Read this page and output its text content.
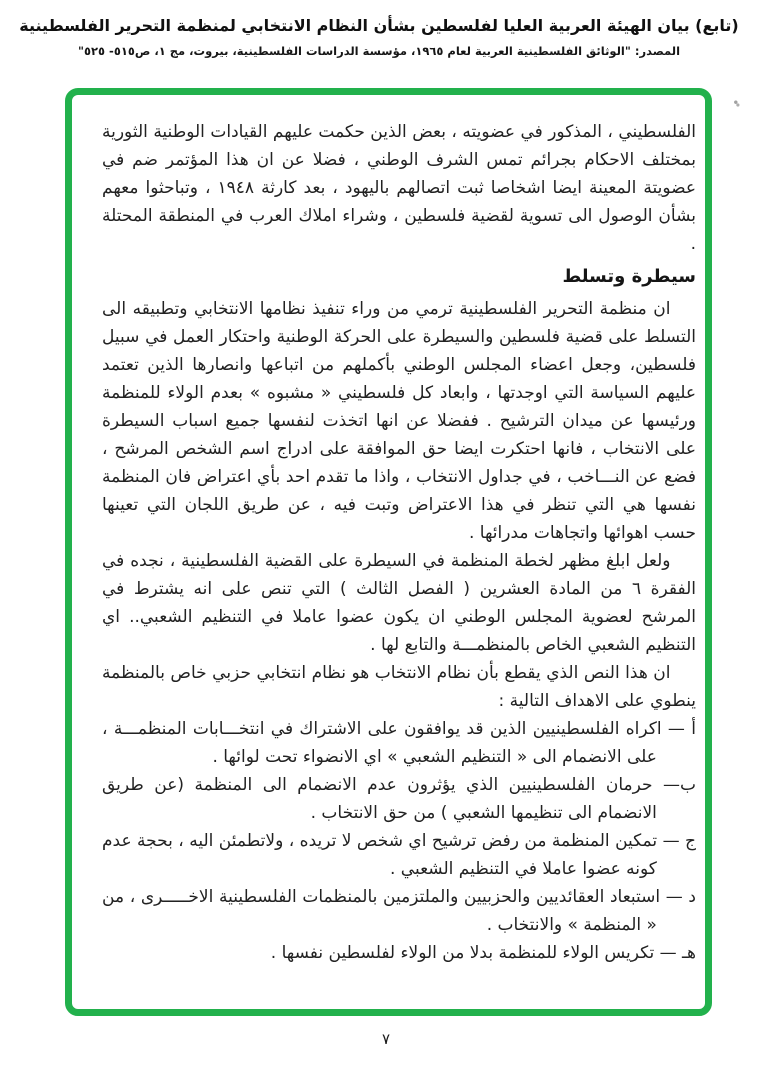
(تابع) بيان الهيئة العربية العليا لفلسطين بشأن النظام الانتخابي لمنظمة التحرير الفلسطينية

المصدر: "الوثائق الفلسطينية العربية لعام ١٩٦٥، مؤسسة الدراسات الفلسطينية، بيروت، مج ١، ص٥١٥- ٥٢٥"

الفلسطيني ، المذكور في عضويته ، بعض الذين حكمت عليهم القيادات الوطنية الثورية بمختلف الاحكام بجرائم تمس الشرف الوطني ، فضلا عن ان هذا المؤتمر ضم في عضويتة المعينة ايضا اشخاصا ثبت اتصالهم باليهود ، بعد كارثة ١٩٤٨ ، وتباحثوا معهم بشأن الوصول الى تسوية لقضية فلسطين ، وشراء املاك العرب في المنطقة المحتلة .

سيطرة وتسلط

ان منظمة التحرير الفلسطينية ترمي من وراء تنفيذ نظامها الانتخابي وتطبيقه الى التسلط على قضية فلسطين والسيطرة على الحركة الوطنية واحتكار العمل في سبيل فلسطين، وجعل اعضاء المجلس الوطني بأكملهم من اتباعها وانصارها الذين تعتمد عليهم السياسة التي اوجدتها ، وابعاد كل فلسطيني « مشبوه » بعدم الولاء للمنظمة ورئيسها عن ميدان الترشيح . ففضلا عن انها اتخذت لنفسها جميع اسباب السيطرة على الانتخاب ، فانها احتكرت ايضا حق الموافقة على ادراج اسم الشخص المرشح ، فضع عن النـــاخب ، في جداول الانتخاب ، واذا ما تقدم احد بأي اعتراض فان المنظمة نفسها هي التي تنظر في هذا الاعتراض وتبت فيه ، عن طريق اللجان التي تعينها حسب اهوائها واتجاهات مدرائها .

ولعل ابلغ مظهر لخطة المنظمة في السيطرة على القضية الفلسطينية ، نجده في الفقرة ٦ من المادة العشرين ( الفصل الثالث ) التي تنص على انه يشترط في المرشح لعضوية المجلس الوطني ان يكون عضوا عاملا في التنظيم الشعبي.. اي التنظيم الشعبي الخاص بالمنظمـــة والتابع لها .

ان هذا النص الذي يقطع بأن نظام الانتخاب هو نظام انتخابي حزبي خاص بالمنظمة ينطوي على الاهداف التالية :

أ — اكراه الفلسطينيين الذين قد يوافقون على الاشتراك في انتخـــابات المنظمـــة ، على الانضمام الى « التنظيم الشعبي » اي الانضواء تحت لوائها .

ب— حرمان الفلسطينيين الذي يؤثرون عدم الانضمام الى المنظمة (عن طريق الانضمام الى تنظيمها الشعبي ) من حق الانتخاب .

ج — تمكين المنظمة من رفض ترشيح اي شخص لا تريده ، ولاتطمئن اليه ، بحجة عدم كونه عضوا عاملا في التنظيم الشعبي .

د — استبعاد العقائديين والحزبيين والملتزمين بالمنظمات الفلسطينية الاخـــــرى ، من « المنظمة » والانتخاب .

هـ — تكريس الولاء للمنظمة بدلا من الولاء لفلسطين نفسها .

٧
